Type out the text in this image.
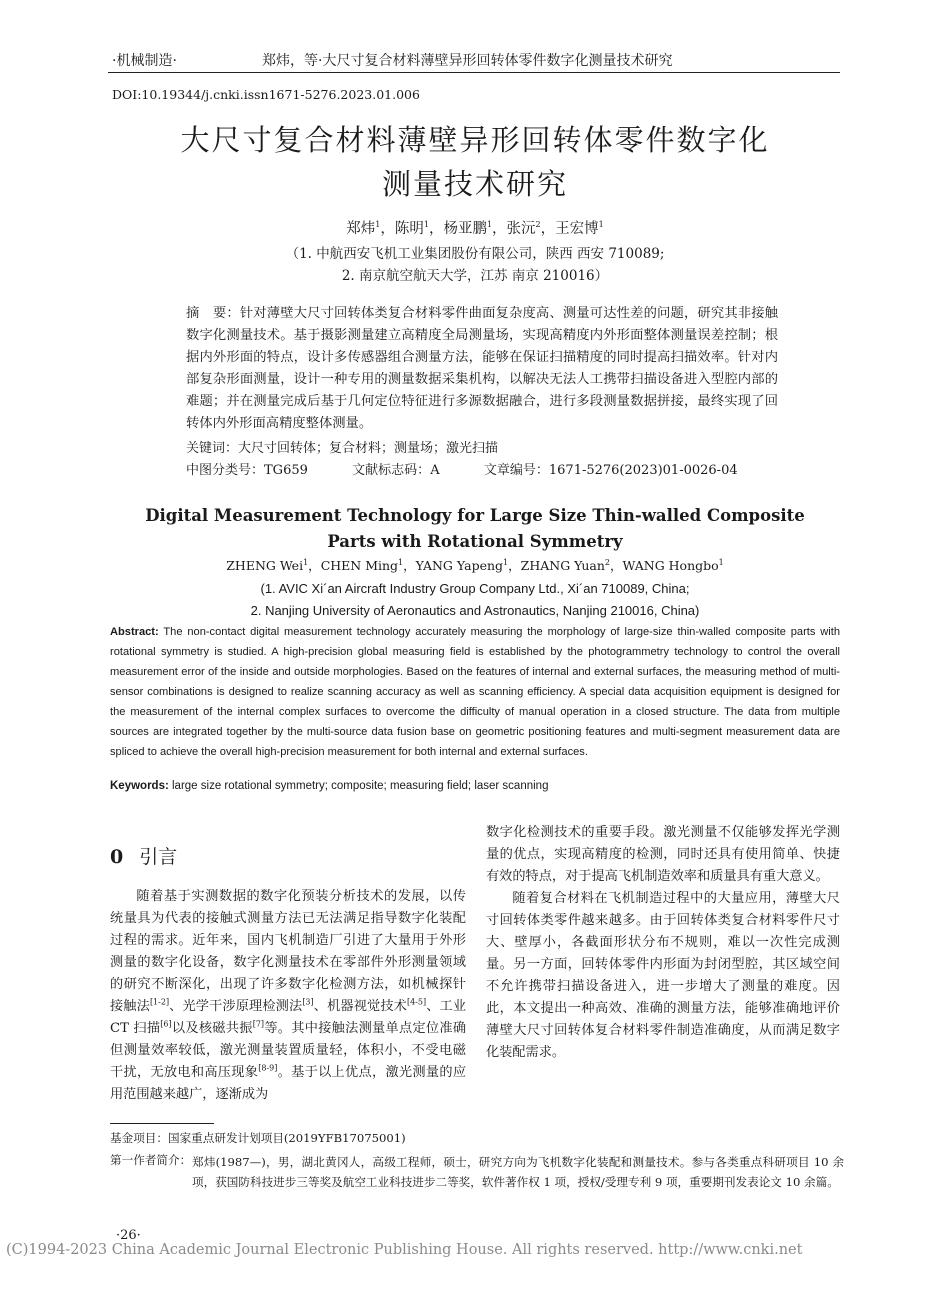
·机械制造·	郑炜，等·大尺寸复合材料薄壁异形回转体零件数字化测量技术研究
DOI:10.19344/j.cnki.issn1671-5276.2023.01.006
大尺寸复合材料薄壁异形回转体零件数字化
测量技术研究
郑炜$^1$，陈明$^1$，杨亚鹏$^1$，张沅$^2$，王宏博$^1$
（1. 中航西安飞机工业集团股份有限公司，陕西 西安 710089;
2. 南京航空航天大学，江苏 南京 210016）
摘　要：针对薄壁大尺寸回转体类复合材料零件曲面复杂度高、测量可达性差的问题，研究其非接触数字化测量技术。基于摄影测量建立高精度全局测量场，实现高精度内外形面整体测量误差控制；根据内外形面的特点，设计多传感器组合测量方法，能够在保证扫描精度的同时提高扫描效率。针对内部复杂形面测量，设计一种专用的测量数据采集机构，以解决无法人工携带扫描设备进入型腔内部的难题；并在测量完成后基于几何定位特征进行多源数据融合，进行多段测量数据拼接，最终实现了回转体内外形面高精度整体测量。
关键词：大尺寸回转体；复合材料；测量场；激光扫描
中图分类号：TG659	文献标志码：A	文章编号：1671-5276(2023)01-0026-04
Digital Measurement Technology for Large Size Thin-walled Composite Parts with Rotational Symmetry
ZHENG Wei$^1$，CHEN Ming$^1$，YANG Yapeng$^1$，ZHANG Yuan$^2$，WANG Hongbo$^1$
(1. AVIC Xi´an Aircraft Industry Group Company Ltd., Xi´an 710089, China;
2. Nanjing University of Aeronautics and Astronautics, Nanjing 210016, China)
Abstract: The non-contact digital measurement technology accurately measuring the morphology of large-size thin-walled composite parts with rotational symmetry is studied. A high-precision global measuring field is established by the photogrammetry technology to control the overall measurement error of the inside and outside morphologies. Based on the features of internal and external surfaces, the measuring method of multi-sensor combinations is designed to realize scanning accuracy as well as scanning efficiency. A special data acquisition equipment is designed for the measurement of the internal complex surfaces to overcome the difficulty of manual operation in a closed structure. The data from multiple sources are integrated together by the multi-source data fusion base on geometric positioning features and multi-segment measurement data are spliced to achieve the overall high-precision measurement for both internal and external surfaces.
Keywords: large size rotational symmetry; composite; measuring field; laser scanning
0 引言

随着基于实测数据的数字化预装分析技术的发展，以传统量具为代表的接触式测量方法已无法满足指导数字化装配过程的需求。近年来，国内飞机制造厂引进了大量用于外形测量的数字化设备，数字化测量技术在零部件外形测量领域的研究不断深化，出现了许多数字化检测方法，如机械探针接触法[1-2]、光学干涉原理检测法[3]、机器视觉技术[4-5]、工业 CT 扫描[6]以及核磁共振[7]等。其中接触法测量单点定位准确但测量效率较低，激光测量装置质量轻，体积小，不受电磁干扰，无放电和高压现象[8-9]。基于以上优点，激光测量的应用范围越来越广，逐渐成为

数字化检测技术的重要手段。激光测量不仅能够发挥光学测量的优点，实现高精度的检测，同时还具有使用简单、快捷有效的特点，对于提高飞机制造效率和质量具有重大意义。

随着复合材料在飞机制造过程中的大量应用，薄壁大尺寸回转体类零件越来越多。由于回转体类复合材料零件尺寸大、壁厚小，各截面形状分布不规则，难以一次性完成测量。另一方面，回转体零件内形面为封闭型腔，其区域空间不允许携带扫描设备进入，进一步增大了测量的难度。因此，本文提出一种高效、准确的测量方法，能够准确地评价薄壁大尺寸回转体复合材料零件制造准确度，从而满足数字化装配需求。

基金项目：国家重点研发计划项目(2019YFB17075001)
第一作者简介： 郑炜(1987—)，男，湖北黄冈人，高级工程师，硕士，研究方向为飞机数字化装配和测量技术。参与各类重点科研项目 10 余项，获国防科技进步三等奖及航空工业科技进步二等奖，软件著作权 1 项，授权/受理专利 9 项，重要期刊发表论文 10 余篇。
·26·
(C)1994-2023 China Academic Journal Electronic Publishing House. All rights reserved. http://www.cnki.net
